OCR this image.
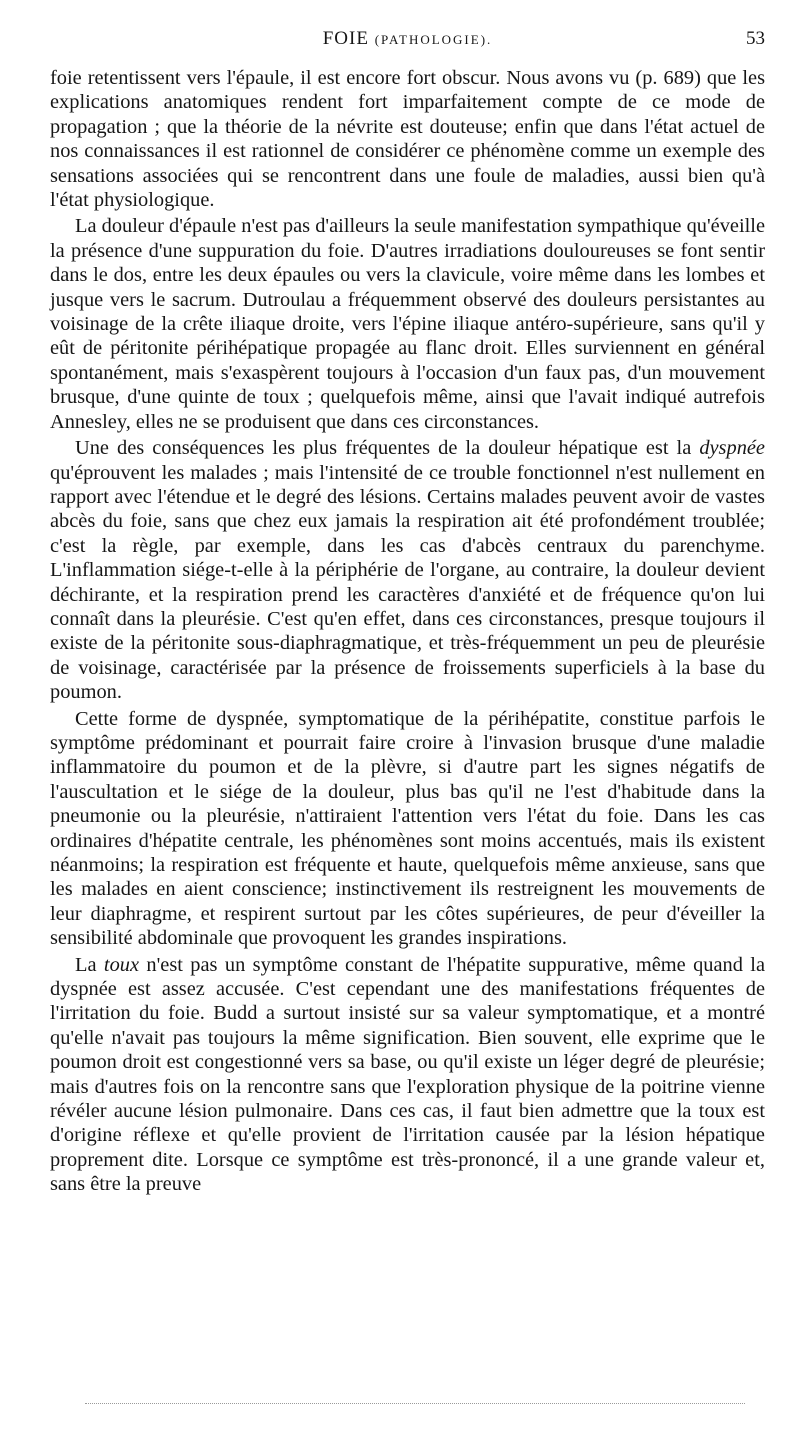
FOIE (PATHOLOGIE).	53

foie retentissent vers l'épaule, il est encore fort obscur. Nous avons vu (p. 689) que les explications anatomiques rendent fort imparfaitement compte de ce mode de propagation ; que la théorie de la névrite est douteuse; enfin que dans l'état actuel de nos connaissances il est rationnel de considérer ce phénomène comme un exemple des sensations associées qui se rencontrent dans une foule de maladies, aussi bien qu'à l'état physiologique.

La douleur d'épaule n'est pas d'ailleurs la seule manifestation sympathique qu'éveille la présence d'une suppuration du foie. D'autres irradiations douloureuses se font sentir dans le dos, entre les deux épaules ou vers la clavicule, voire même dans les lombes et jusque vers le sacrum. Dutroulau a fréquemment observé des douleurs persistantes au voisinage de la crête iliaque droite, vers l'épine iliaque antéro-supérieure, sans qu'il y eût de péritonite périhépatique propagée au flanc droit. Elles surviennent en général spontanément, mais s'exaspèrent toujours à l'occasion d'un faux pas, d'un mouvement brusque, d'une quinte de toux ; quelquefois même, ainsi que l'avait indiqué autrefois Annesley, elles ne se produisent que dans ces circonstances.

Une des conséquences les plus fréquentes de la douleur hépatique est la dyspnée qu'éprouvent les malades ; mais l'intensité de ce trouble fonctionnel n'est nullement en rapport avec l'étendue et le degré des lésions. Certains malades peuvent avoir de vastes abcès du foie, sans que chez eux jamais la respiration ait été profondément troublée; c'est la règle, par exemple, dans les cas d'abcès centraux du parenchyme. L'inflammation siége-t-elle à la périphérie de l'organe, au contraire, la douleur devient déchirante, et la respiration prend les caractères d'anxiété et de fréquence qu'on lui connaît dans la pleurésie. C'est qu'en effet, dans ces circonstances, presque toujours il existe de la péritonite sous-diaphragmatique, et très-fréquemment un peu de pleurésie de voisinage, caractérisée par la présence de froissements superficiels à la base du poumon.

Cette forme de dyspnée, symptomatique de la périhépatite, constitue parfois le symptôme prédominant et pourrait faire croire à l'invasion brusque d'une maladie inflammatoire du poumon et de la plèvre, si d'autre part les signes négatifs de l'auscultation et le siége de la douleur, plus bas qu'il ne l'est d'habitude dans la pneumonie ou la pleurésie, n'attiraient l'attention vers l'état du foie. Dans les cas ordinaires d'hépatite centrale, les phénomènes sont moins accentués, mais ils existent néanmoins; la respiration est fréquente et haute, quelquefois même anxieuse, sans que les malades en aient conscience; instinctivement ils restreignent les mouvements de leur diaphragme, et respirent surtout par les côtes supérieures, de peur d'éveiller la sensibilité abdominale que provoquent les grandes inspirations.

La toux n'est pas un symptôme constant de l'hépatite suppurative, même quand la dyspnée est assez accusée. C'est cependant une des manifestations fréquentes de l'irritation du foie. Budd a surtout insisté sur sa valeur symptomatique, et a montré qu'elle n'avait pas toujours la même signification. Bien souvent, elle exprime que le poumon droit est congestionné vers sa base, ou qu'il existe un léger degré de pleurésie; mais d'autres fois on la rencontre sans que l'exploration physique de la poitrine vienne révéler aucune lésion pulmonaire. Dans ces cas, il faut bien admettre que la toux est d'origine réflexe et qu'elle provient de l'irritation causée par la lésion hépatique proprement dite. Lorsque ce symptôme est très-prononcé, il a une grande valeur et, sans être la preuve
